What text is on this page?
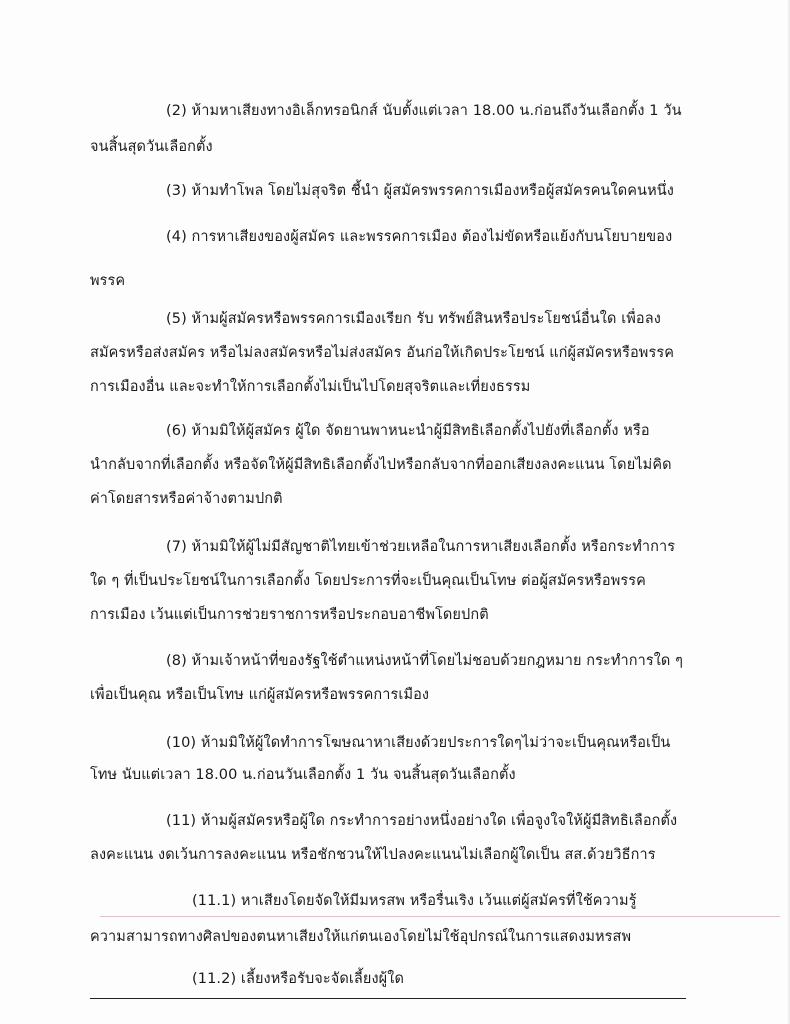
(2) ห้ามหาเสียงทางอิเล็กทรอนิกส์ นับตั้งแต่เวลา 18.00 น.ก่อนถึงวันเลือกตั้ง 1 วัน
จนสิ้นสุดวันเลือกตั้ง
(3) ห้ามทำโพล โดยไม่สุจริต ชี้นำ ผู้สมัครพรรคการเมืองหรือผู้สมัครคนใดคนหนึ่ง
(4) การหาเสียงของผู้สมัคร และพรรคการเมือง ต้องไม่ขัดหรือแย้งกับนโยบายของ
พรรค
(5) ห้ามผู้สมัครหรือพรรคการเมืองเรียก รับ ทรัพย์สินหรือประโยชน์อื่นใด เพื่อลง
สมัครหรือส่งสมัคร หรือไม่ลงสมัครหรือไม่ส่งสมัคร อันก่อให้เกิดประโยชน์ แก่ผู้สมัครหรือพรรค
การเมืองอื่น และจะทำให้การเลือกตั้งไม่เป็นไปโดยสุจริตและเที่ยงธรรม
(6) ห้ามมิให้ผู้สมัคร ผู้ใด จัดยานพาหนะนำผู้มีสิทธิเลือกตั้งไปยังที่เลือกตั้ง หรือ
นำกลับจากที่เลือกตั้ง หรือจัดให้ผู้มีสิทธิเลือกตั้งไปหรือกลับจากที่ออกเสียงลงคะแนน โดยไม่คิด
ค่าโดยสารหรือค่าจ้างตามปกติ
(7) ห้ามมิให้ผู้ไม่มีสัญชาติไทยเข้าช่วยเหลือในการหาเสียงเลือกตั้ง หรือกระทำการ
ใด ๆ ที่เป็นประโยชน์ในการเลือกตั้ง โดยประการที่จะเป็นคุณเป็นโทษ ต่อผู้สมัครหรือพรรค
การเมือง เว้นแต่เป็นการช่วยราชการหรือประกอบอาชีพโดยปกติ
(8) ห้ามเจ้าหน้าที่ของรัฐใช้ตำแหน่งหน้าที่โดยไม่ชอบด้วยกฎหมาย กระทำการใด ๆ
เพื่อเป็นคุณ หรือเป็นโทษ แก่ผู้สมัครหรือพรรคการเมือง
(10) ห้ามมิให้ผู้ใดทำการโฆษณาหาเสียงด้วยประการใดๆไม่ว่าจะเป็นคุณหรือเป็น
โทษ นับแต่เวลา 18.00 น.ก่อนวันเลือกตั้ง 1 วัน จนสิ้นสุดวันเลือกตั้ง
(11) ห้ามผู้สมัครหรือผู้ใด กระทำการอย่างหนึ่งอย่างใด เพื่อจูงใจให้ผู้มีสิทธิเลือกตั้ง
ลงคะแนน งดเว้นการลงคะแนน หรือชักชวนให้ไปลงคะแนนไม่เลือกผู้ใดเป็น สส.ด้วยวิธีการ
(11.1) หาเสียงโดยจัดให้มีมหรสพ หรือรื่นเริง เว้นแต่ผู้สมัครที่ใช้ความรู้
ความสามารถทางศิลปของตนหาเสียงให้แก่ตนเองโดยไม่ใช้อุปกรณ์ในการแสดงมหรสพ
(11.2) เลี้ยงหรือรับจะจัดเลี้ยงผู้ใด
